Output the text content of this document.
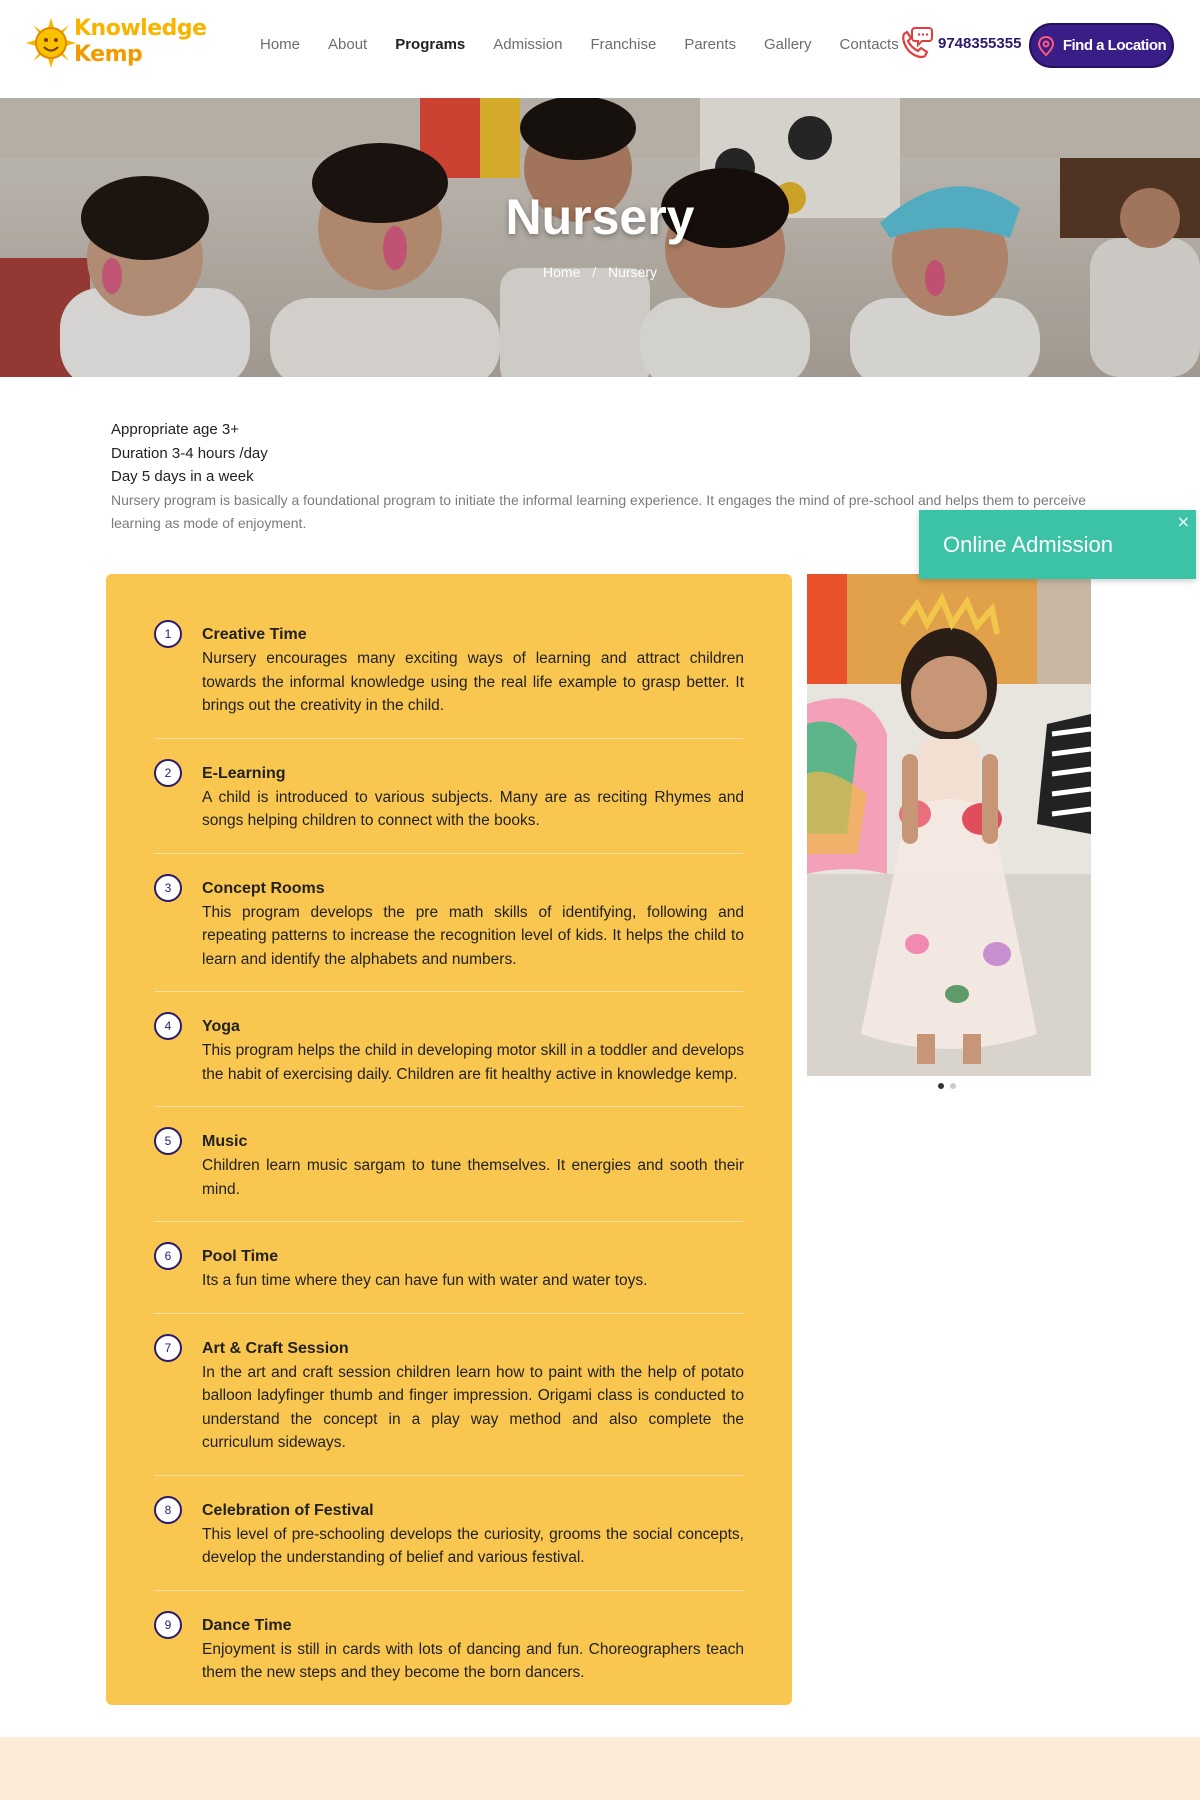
Knowledge
Kemp	Home	About	Programs	Admission	Franchise	Parents	Gallery	Contacts	9748355355	Find a Location
Nursery
Home / Nursery
Appropriate age 3+
Duration 3-4 hours /day
Day 5 days in a week
Nursery program is basically a foundational program to initiate the informal learning experience. It engages the mind of pre-school and helps them to perceive learning as mode of enjoyment.
1	Creative Time
Nursery encourages many exciting ways of learning and attract children towards the informal knowledge using the real life example to grasp better. It brings out the creativity in the child.
2	E-Learning
A child is introduced to various subjects. Many are as reciting Rhymes and songs helping children to connect with the books.
3	Concept Rooms
This program develops the pre math skills of identifying, following and repeating patterns to increase the recognition level of kids. It helps the child to learn and identify the alphabets and numbers.
4	Yoga
This program helps the child in developing motor skill in a toddler and develops the habit of exercising daily. Children are fit healthy active in knowledge kemp.
5	Music
Children learn music sargam to tune themselves. It energies and sooth their mind.
6	Pool Time
Its a fun time where they can have fun with water and water toys.
7	Art & Craft Session
In the art and craft session children learn how to paint with the help of potato balloon ladyfinger thumb and finger impression. Origami class is conducted to understand the concept in a play way method and also complete the curriculum sideways.
8	Celebration of Festival
This level of pre-schooling develops the curiosity, grooms the social concepts, develop the understanding of belief and various festival.
9	Dance Time
Enjoyment is still in cards with lots of dancing and fun. Choreographers teach them the new steps and they become the born dancers.
Online Admission
×
